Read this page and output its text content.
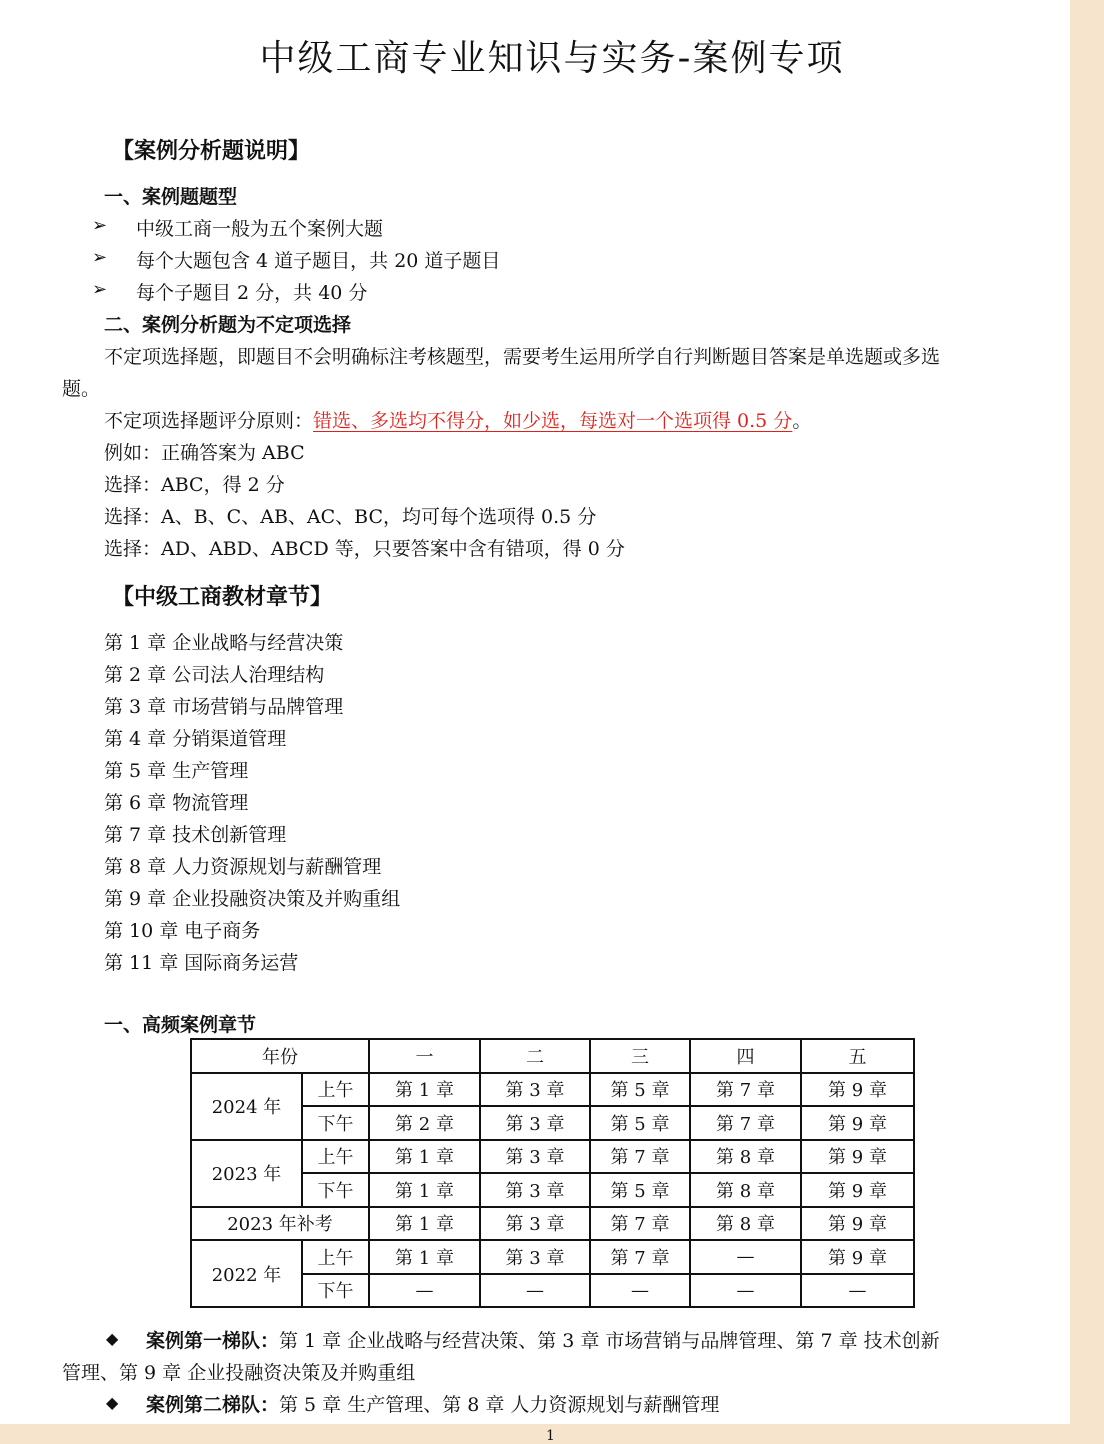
中级工商专业知识与实务-案例专项
【案例分析题说明】
一、案例题题型
➢ 中级工商一般为五个案例大题
➢ 每个大题包含 4 道子题目，共 20 道子题目
➢ 每个子题目 2 分，共 40 分
二、案例分析题为不定项选择
不定项选择题，即题目不会明确标注考核题型，需要考生运用所学自行判断题目答案是单选题或多选
题。
不定项选择题评分原则：错选、多选均不得分，如少选，每选对一个选项得 0.5 分。
例如：正确答案为 ABC
选择：ABC，得 2 分
选择：A、B、C、AB、AC、BC，均可每个选项得 0.5 分
选择：AD、ABD、ABCD 等，只要答案中含有错项，得 0 分
【中级工商教材章节】
第 1 章 企业战略与经营决策
第 2 章 公司法人治理结构
第 3 章 市场营销与品牌管理
第 4 章 分销渠道管理
第 5 章 生产管理
第 6 章 物流管理
第 7 章 技术创新管理
第 8 章 人力资源规划与薪酬管理
第 9 章 企业投融资决策及并购重组
第 10 章 电子商务
第 11 章 国际商务运营
一、高频案例章节
年份		一	二	三	四	五
2024 年	上午	第 1 章	第 3 章	第 5 章	第 7 章	第 9 章
	下午	第 2 章	第 3 章	第 5 章	第 7 章	第 9 章
2023 年	上午	第 1 章	第 3 章	第 7 章	第 8 章	第 9 章
	下午	第 1 章	第 3 章	第 5 章	第 8 章	第 9 章
2023 年补考		第 1 章	第 3 章	第 7 章	第 8 章	第 9 章
2022 年	上午	第 1 章	第 3 章	第 7 章	—	第 9 章
	下午	—	—	—	—	—
◆ 案例第一梯队：第 1 章 企业战略与经营决策、第 3 章 市场营销与品牌管理、第 7 章 技术创新
管理、第 9 章 企业投融资决策及并购重组
◆ 案例第二梯队：第 5 章 生产管理、第 8 章 人力资源规划与薪酬管理
1
